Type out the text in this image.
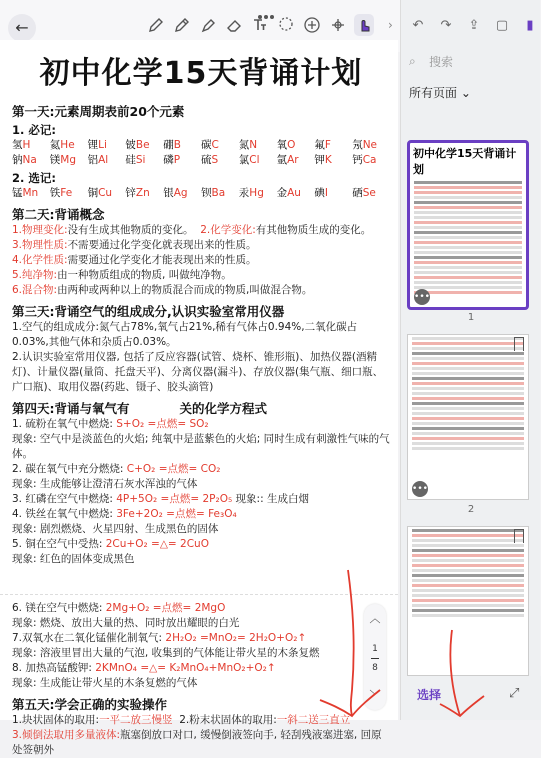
←	›
初中化学15天背诵计划
第一天:元素周期表前20个元素
1. 必记:
氢H	氦He	锂Li	铍Be	硼B	碳C	氮N	氧O	氟F	氖Ne
钠Na	镁Mg	铝Al	硅Si	磷P	硫S	氯Cl	氩Ar	钾K	钙Ca
2. 选记:
锰Mn	铁Fe	铜Cu	锌Zn	银Ag	钡Ba	汞Hg	金Au	碘I	硒Se
第二天:背诵概念
1.物理变化:没有生成其他物质的变化。 2.化学变化:有其他物质生成的变化。
3.物理性质:不需要通过化学变化就表现出来的性质。
4.化学性质:需要通过化学变化才能表现出来的性质。
5.纯净物:由一种物质组成的物质, 叫做纯净物。
6.混合物:由两种或两种以上的物质混合而成的物质,叫做混合物。
第三天:背诵空气的组成成分,认识实验室常用仪器
1.空气的组成成分:氮气占78%,氧气占21%,稀有气体占0.94%,二氧化碳占0.03%,其他气体和杂质占0.03%。
2.认识实验室常用仪器, 包括了反应容器(试管、烧杯、锥形瓶)、加热仪器(酒精灯)、计量仪器(量筒、托盘天平)、分离仪器(漏斗)、存放仪器(集气瓶、细口瓶、广口瓶)、取用仪器(药匙、镊子、胶头滴管)
第四天:背诵与氧气有　　　　关的化学方程式
1. 硫粉在氧气中燃烧: S+O₂ =点燃= SO₂
现象: 空气中是淡蓝色的火焰; 纯氧中是蓝紫色的火焰; 同时生成有刺激性气味的气体。
2. 碳在氧气中充分燃烧: C+O₂ =点燃= CO₂
现象: 生成能够让澄清石灰水浑浊的气体
3. 红磷在空气中燃烧: 4P+5O₂ =点燃= 2P₂O₅ 现象:: 生成白烟
4. 铁丝在氧气中燃烧: 3Fe+2O₂ =点燃= Fe₃O₄
现象: 剧烈燃烧、火星四射、生成黑色的固体
5. 铜在空气中受热: 2Cu+O₂ =△= 2CuO
现象: 红色的固体变成黑色
6. 镁在空气中燃烧: 2Mg+O₂ =点燃= 2MgO
现象: 燃烧、放出大量的热、同时放出耀眼的白光
7.双氧水在二氧化锰催化制氧气: 2H₂O₂ =MnO₂= 2H₂O+O₂↑
现象: 溶液里冒出大量的气泡, 收集到的气体能让带火星的木条复燃
8. 加热高锰酸钾: 2KMnO₄ =△= K₂MnO₄+MnO₂+O₂↑
现象: 生成能让带火星的木条复燃的气体
第五天:学会正确的实验操作
1.块状固体的取用:一平二放三慢竖 2.粉末状固体的取用:一斜二送三直立
3.倾倒法取用多量液体:瓶塞倒放口对口, 缓慢倒液签向手, 轻刮残液塞进塞, 回原处签朝外
︿
1
8
﹀
↶ ↷ ⇪ ▢	▮
⌕	搜索
所有页面 ⌄
初中化学15天背诵计划
•••
1
•••
2
选择	⤢
